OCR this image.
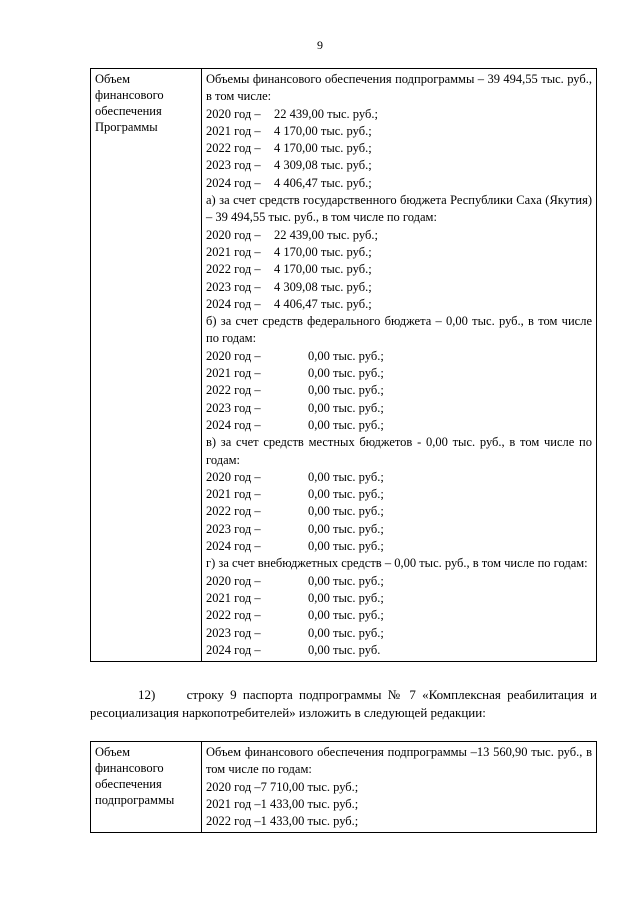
9
Объем финансового обеспечения Программы	
Объемы финансового обеспечения подпрограммы – 39 494,55 тыс. руб., в том числе:
2020 год –	22 439,00 тыс. руб.;
2021 год –	4 170,00 тыс. руб.;
2022 год –	4 170,00 тыс. руб.;
2023 год –	4 309,08 тыс. руб.;
2024 год –	4 406,47 тыс. руб.;
а) за счет средств государственного бюджета Республики Саха (Якутия) – 39 494,55 тыс. руб., в том числе по годам:
2020 год –	22 439,00 тыс. руб.;
2021 год –	4 170,00 тыс. руб.;
2022 год –	4 170,00 тыс. руб.;
2023 год –	4 309,08 тыс. руб.;
2024 год –	4 406,47 тыс. руб.;
б) за счет средств федерального бюджета – 0,00 тыс. руб., в том числе по годам:
2020 год –	0,00 тыс. руб.;
2021 год –	0,00 тыс. руб.;
2022 год –	0,00 тыс. руб.;
2023 год –	0,00 тыс. руб.;
2024 год –	0,00 тыс. руб.;
в) за счет средств местных бюджетов - 0,00 тыс. руб., в том числе по годам:
2020 год –	0,00 тыс. руб.;
2021 год –	0,00 тыс. руб.;
2022 год –	0,00 тыс. руб.;
2023 год –	0,00 тыс. руб.;
2024 год –	0,00 тыс. руб.;
г) за счет внебюджетных средств – 0,00 тыс. руб., в том числе по годам:
2020 год –	0,00 тыс. руб.;
2021 год –	0,00 тыс. руб.;
2022 год –	0,00 тыс. руб.;
2023 год –	0,00 тыс. руб.;
2024 год –	0,00 тыс. руб.
12) строку 9 паспорта подпрограммы № 7 «Комплексная реабилитация и ресоциализация наркопотребителей» изложить в следующей редакции:
Объем финансового обеспечения подпрограммы	
Объем финансового обеспечения подпрограммы –13 560,90 тыс. руб., в том числе по годам:
2020 год – 7 710,00 тыс. руб.;
2021 год – 1 433,00 тыс. руб.;
2022 год – 1 433,00 тыс. руб.;
